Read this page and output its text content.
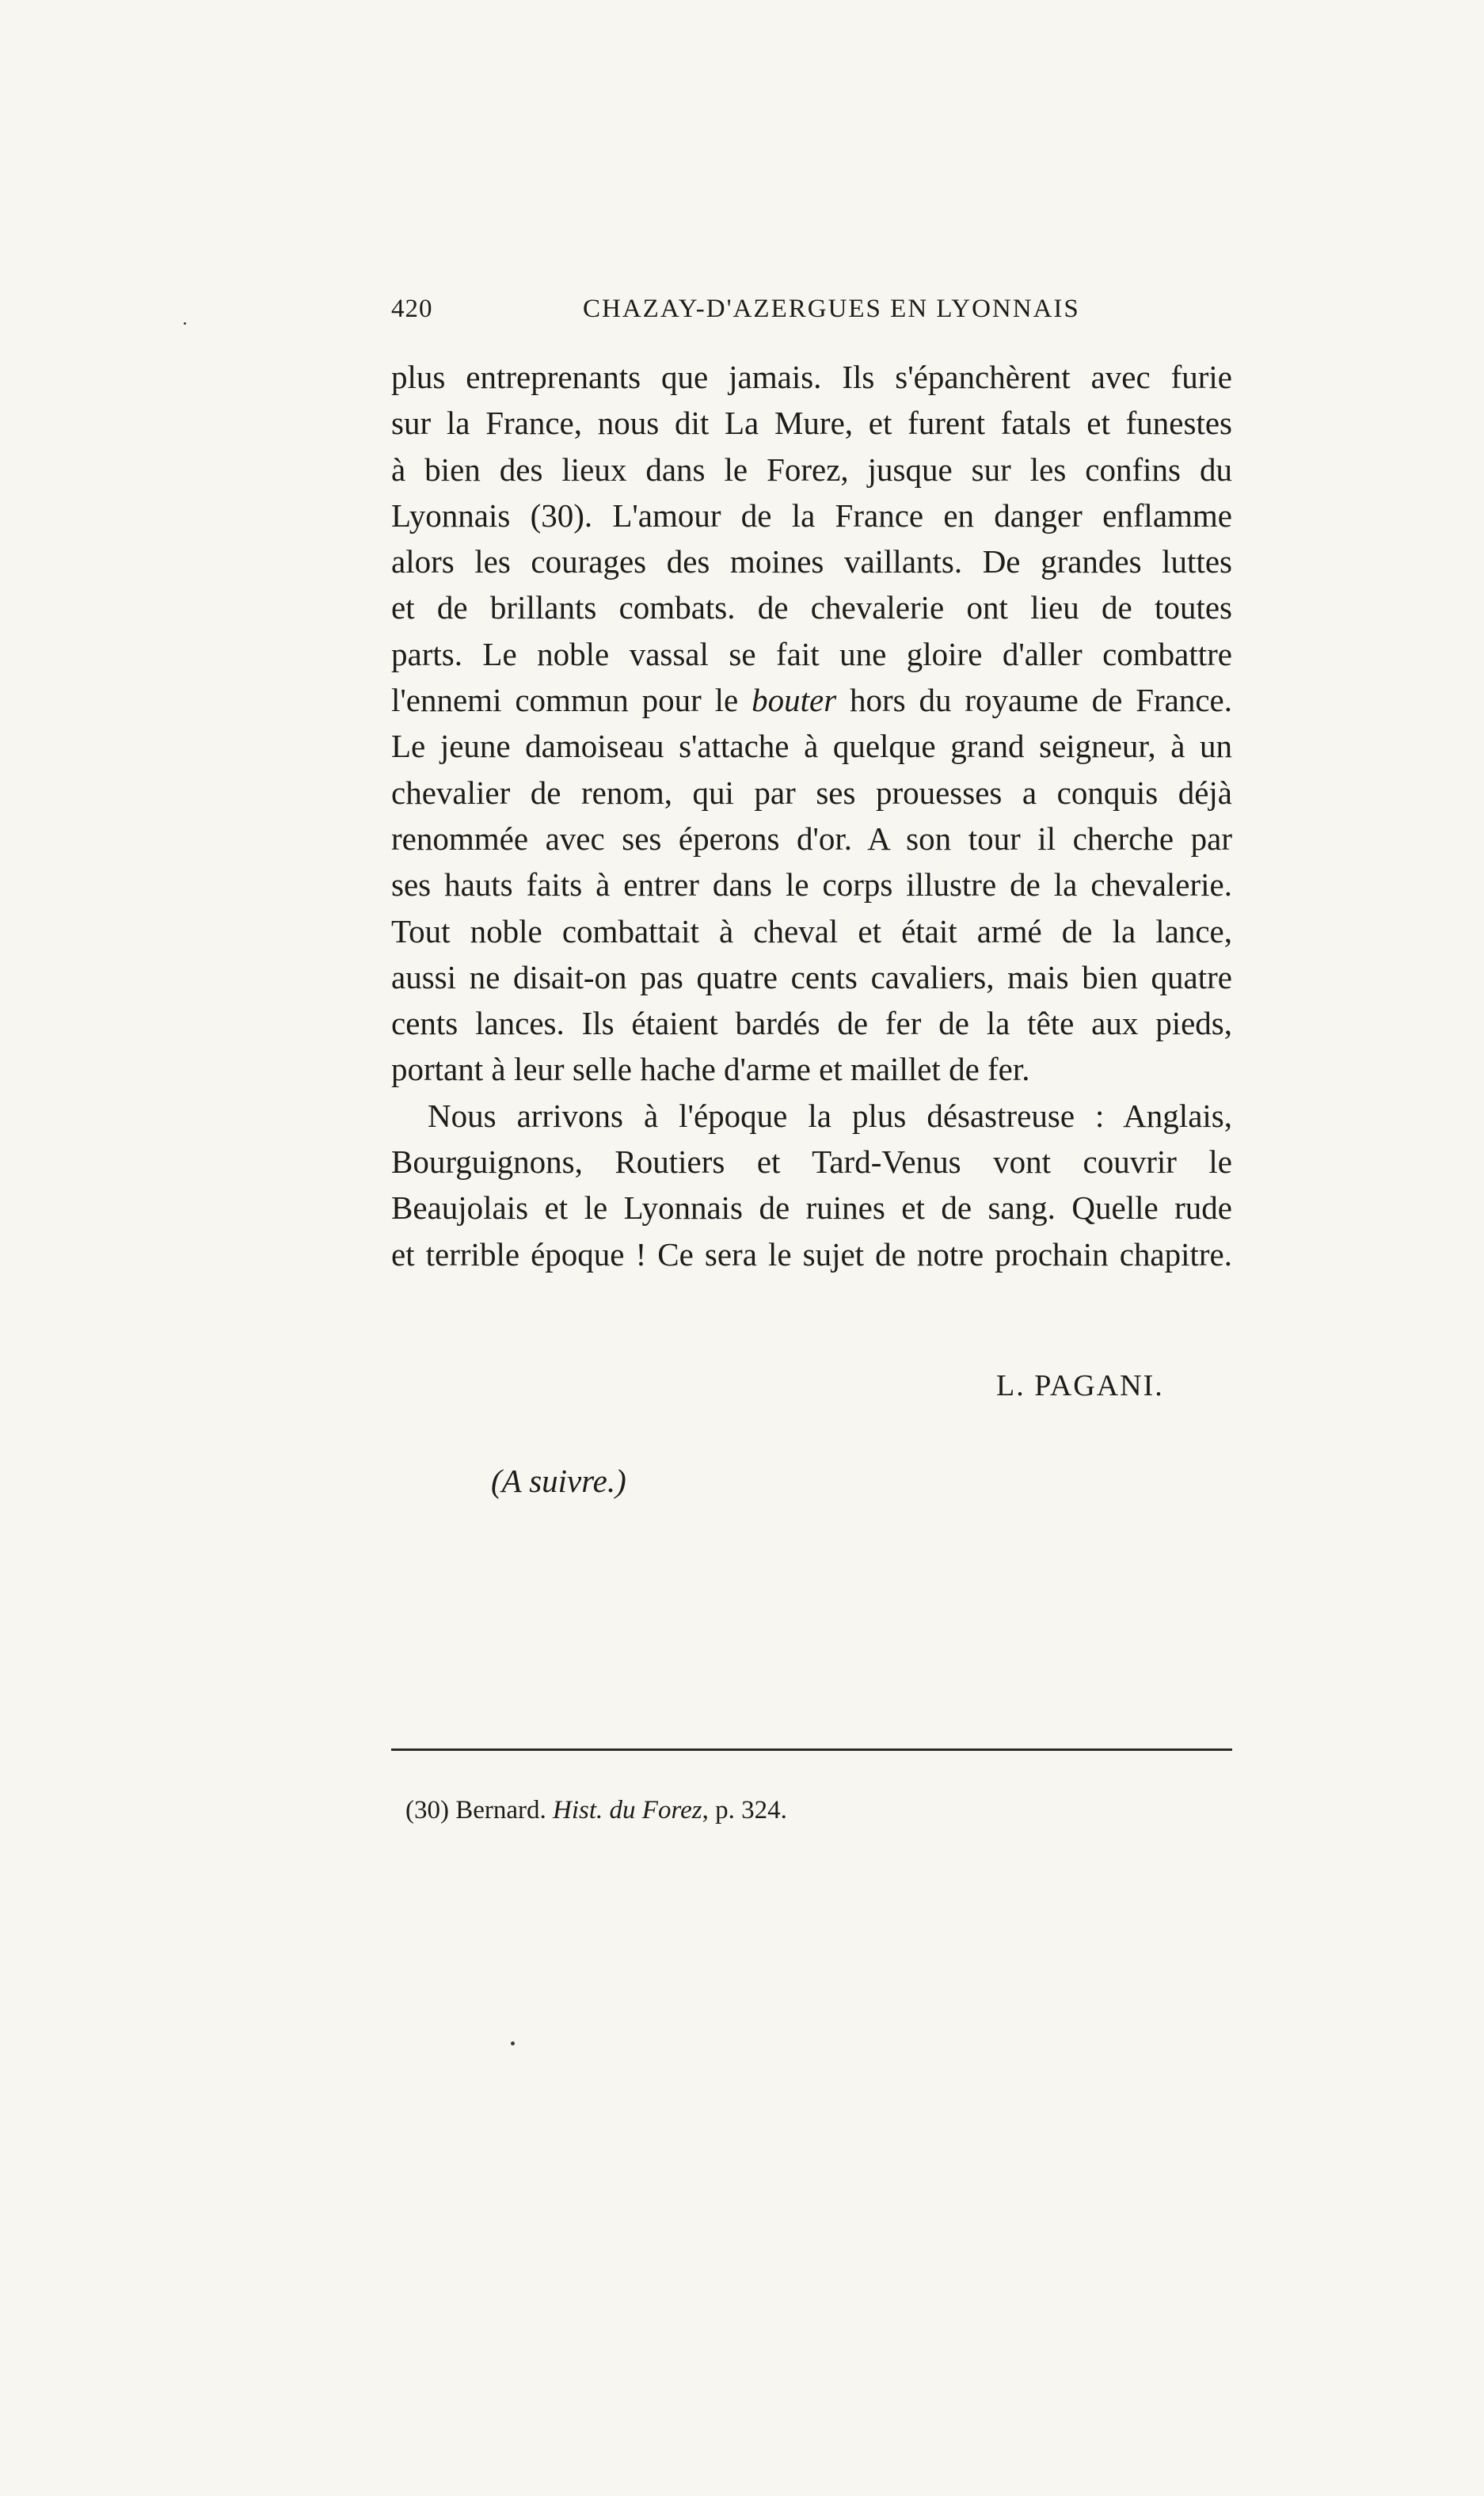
420	CHAZAY-D'AZERGUES EN LYONNAIS

plus entreprenants que jamais. Ils s'épanchèrent avec furie
sur la France, nous dit La Mure, et furent fatals et funestes
à bien des lieux dans le Forez, jusque sur les confins du
Lyonnais (30). L'amour de la France en danger enflamme
alors les courages des moines vaillants. De grandes luttes
et de brillants combats. de chevalerie ont lieu de toutes
parts. Le noble vassal se fait une gloire d'aller combattre
l'ennemi commun pour le bouter hors du royaume de France.
Le jeune damoiseau s'attache à quelque grand seigneur, à un
chevalier de renom, qui par ses prouesses a conquis déjà
renommée avec ses éperons d'or. A son tour il cherche par
ses hauts faits à entrer dans le corps illustre de la chevalerie.
Tout noble combattait à cheval et était armé de la lance,
aussi ne disait-on pas quatre cents cavaliers, mais bien quatre
cents lances. Ils étaient bardés de fer de la tête aux pieds,
portant à leur selle hache d'arme et maillet de fer.

Nous arrivons à l'époque la plus désastreuse : Anglais,
Bourguignons, Routiers et Tard-Venus vont couvrir le
Beaujolais et le Lyonnais de ruines et de sang. Quelle rude
et terrible époque ! Ce sera le sujet de notre prochain chapitre.

L. PAGANI.
(A suivre.)
(30) Bernard. Hist. du Forez, p. 324.
